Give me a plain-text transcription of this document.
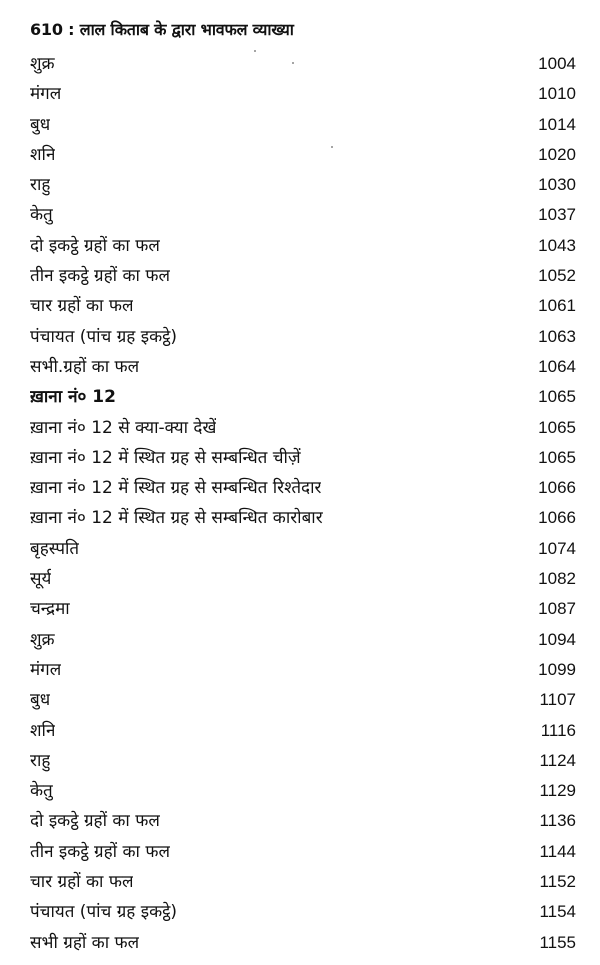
610 : लाल किताब के द्वारा भावफल व्याख्या
शुक्र	1004
मंगल	1010
बुध	1014
शनि	1020
राहु	1030
केतु	1037
दो इकट्ठे ग्रहों का फल	1043
तीन इकट्ठे ग्रहों का फल	1052
चार ग्रहों का फल	1061
पंचायत (पांच ग्रह इकट्ठे)	1063
सभी.ग्रहों का फल	1064
ख़ाना नं० 12	1065
ख़ाना नं० 12 से क्या-क्या देखें	1065
ख़ाना नं० 12 में स्थित ग्रह से सम्बन्धित चीज़ें	1065
ख़ाना नं० 12 में स्थित ग्रह से सम्बन्धित रिश्तेदार	1066
ख़ाना नं० 12 में स्थित ग्रह से सम्बन्धित कारोबार	1066
बृहस्पति	1074
सूर्य	1082
चन्द्रमा	1087
शुक्र	1094
मंगल	1099
बुध	1107
शनि	1116
राहु	1124
केतु	1129
दो इकट्ठे ग्रहों का फल	1136
तीन इकट्ठे ग्रहों का फल	1144
चार ग्रहों का फल	1152
पंचायत (पांच ग्रह इकट्ठे)	1154
सभी ग्रहों का फल	1155
